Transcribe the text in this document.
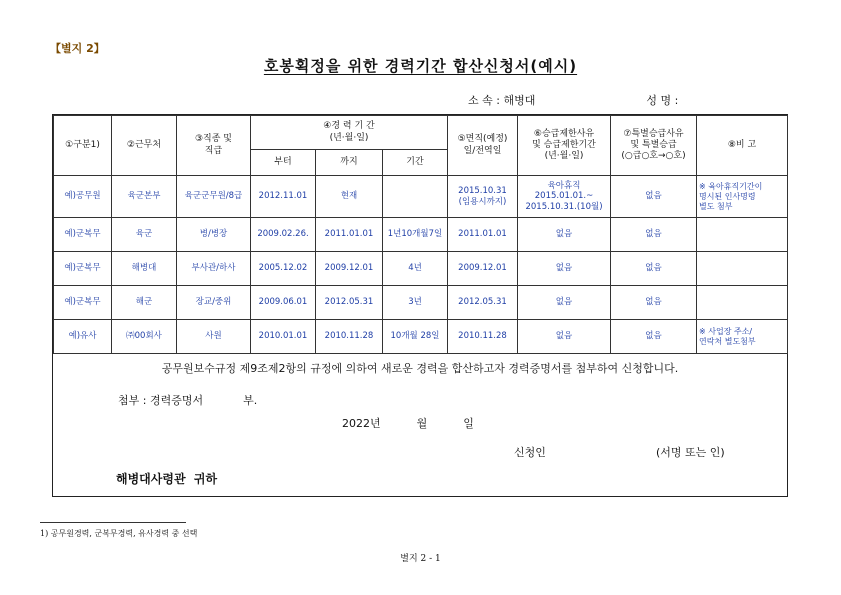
【별지 2】
호봉획정을 위한 경력기간 합산신청서(예시)
소 속 : 해병대	성 명 :
①구분1)	②근무처	③직종 및
직급	④경 력 기 간
(년·월·일)			⑤면직(예정)
일/전역일	⑥승급제한사유
및 승급제한기간
(년·월·일)	⑦특별승급사유
및 특별승급
(○급○호→○호)	⑧비 고
			부터	까지	기간				
예)공무원	육군본부	육군군무원/8급	2012.11.01	현재		2015.10.31
(임용시까지)	육아휴직
2015.01.01.~
2015.10.31.(10월)	없음	※ 육아휴직기간이
명시된 인사명령
별도 첨부
예)군복무	육군	병/병장	2009.02.26.	2011.01.01	1년10개월7일	2011.01.01	없음	없음	
예)군복무	해병대	부사관/하사	2005.12.02	2009.12.01	4년	2009.12.01	없음	없음	
예)군복무	해군	장교/중위	2009.06.01	2012.05.31	3년	2012.05.31	없음	없음	
예)유사	㈜00회사	사원	2010.01.01	2010.11.28	10개월 28일	2010.11.28	없음	없음	※ 사업장 주소/
연락처 별도첨부
공무원보수규정 제9조제2항의 규정에 의하여 새로운 경력을 합산하고자 경력증명서를 첨부하여 신청합니다.
첨부 : 경력증명서	부.
2022년	월	일
신청인	(서명 또는 인)
해병대사령관  귀하
1) 공무원경력, 군복무경력, 유사경력 중 선택
별지 2 - 1
